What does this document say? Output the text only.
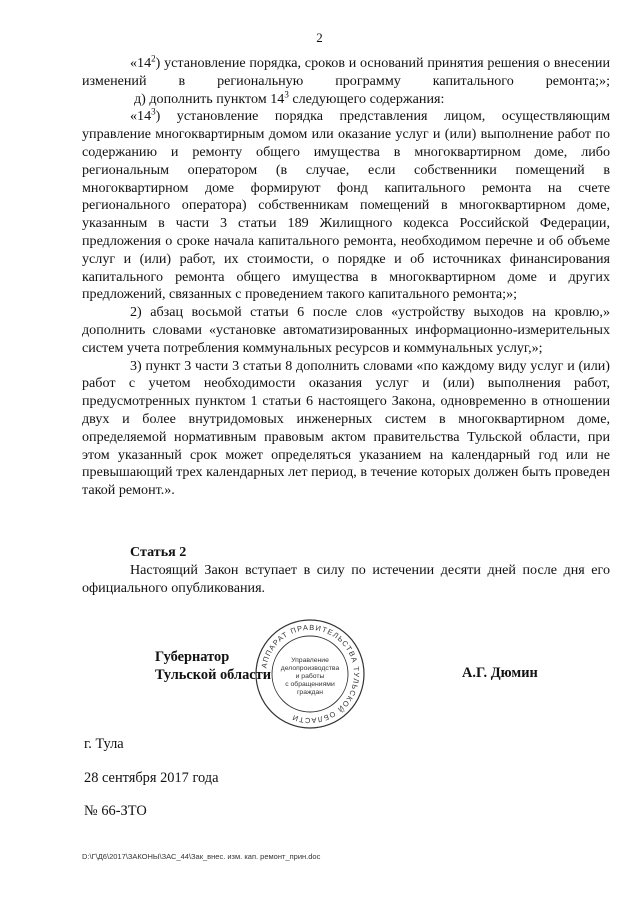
2

«$14^2$) установление порядка, сроков и оснований принятия решения о внесении изменений в региональную программу капитального ремонта;»;

д) дополнить пунктом $14^3$ следующего содержания:

«$14^3$) установление порядка представления лицом, осуществляющим управление многоквартирным домом или оказание услуг и (или) выполнение работ по содержанию и ремонту общего имущества в многоквартирном доме, либо региональным оператором (в случае, если собственники помещений в многоквартирном доме формируют фонд капитального ремонта на счете регионального оператора) собственникам помещений в многоквартирном доме, указанным в части 3 статьи 189 Жилищного кодекса Российской Федерации, предложения о сроке начала капитального ремонта, необходимом перечне и об объеме услуг и (или) работ, их стоимости, о порядке и об источниках финансирования капитального ремонта общего имущества в многоквартирном доме и других предложений, связанных с проведением такого капитального ремонта;»;

2) абзац восьмой статьи 6 после слов «устройству выходов на кровлю,» дополнить словами «установке автоматизированных информационно-измерительных систем учета потребления коммунальных ресурсов и коммунальных услуг,»;

3) пункт 3 части 3 статьи 8 дополнить словами «по каждому виду услуг и (или) работ с учетом необходимости оказания услуг и (или) выполнения работ, предусмотренных пунктом 1 статьи 6 настоящего Закона, одновременно в отношении двух и более внутридомовых инженерных систем в многоквартирном доме, определяемой нормативным правовым актом правительства Тульской области, при этом указанный срок может определяться указанием на календарный год или не превышающий трех календарных лет период, в течение которых должен быть проведен такой ремонт.».

Статья 2

Настоящий Закон вступает в силу по истечении десяти дней после дня его официального опубликования.

Губернатор
Тульской области
АППАРАТ ПРАВИТЕЛЬСТВА ТУЛЬСКОЙ ОБЛАСТИ
Управление
делопроизводства
и работы
с обращениями
граждан
А.Г. Дюмин
г. Тула
28 сентября 2017 года
№ 66-ЗТО
D:\Г\Д6\2017\ЗАКОНЫ\ЗАС_44\Зак_внес. изм. кап. ремонт_прин.doc
